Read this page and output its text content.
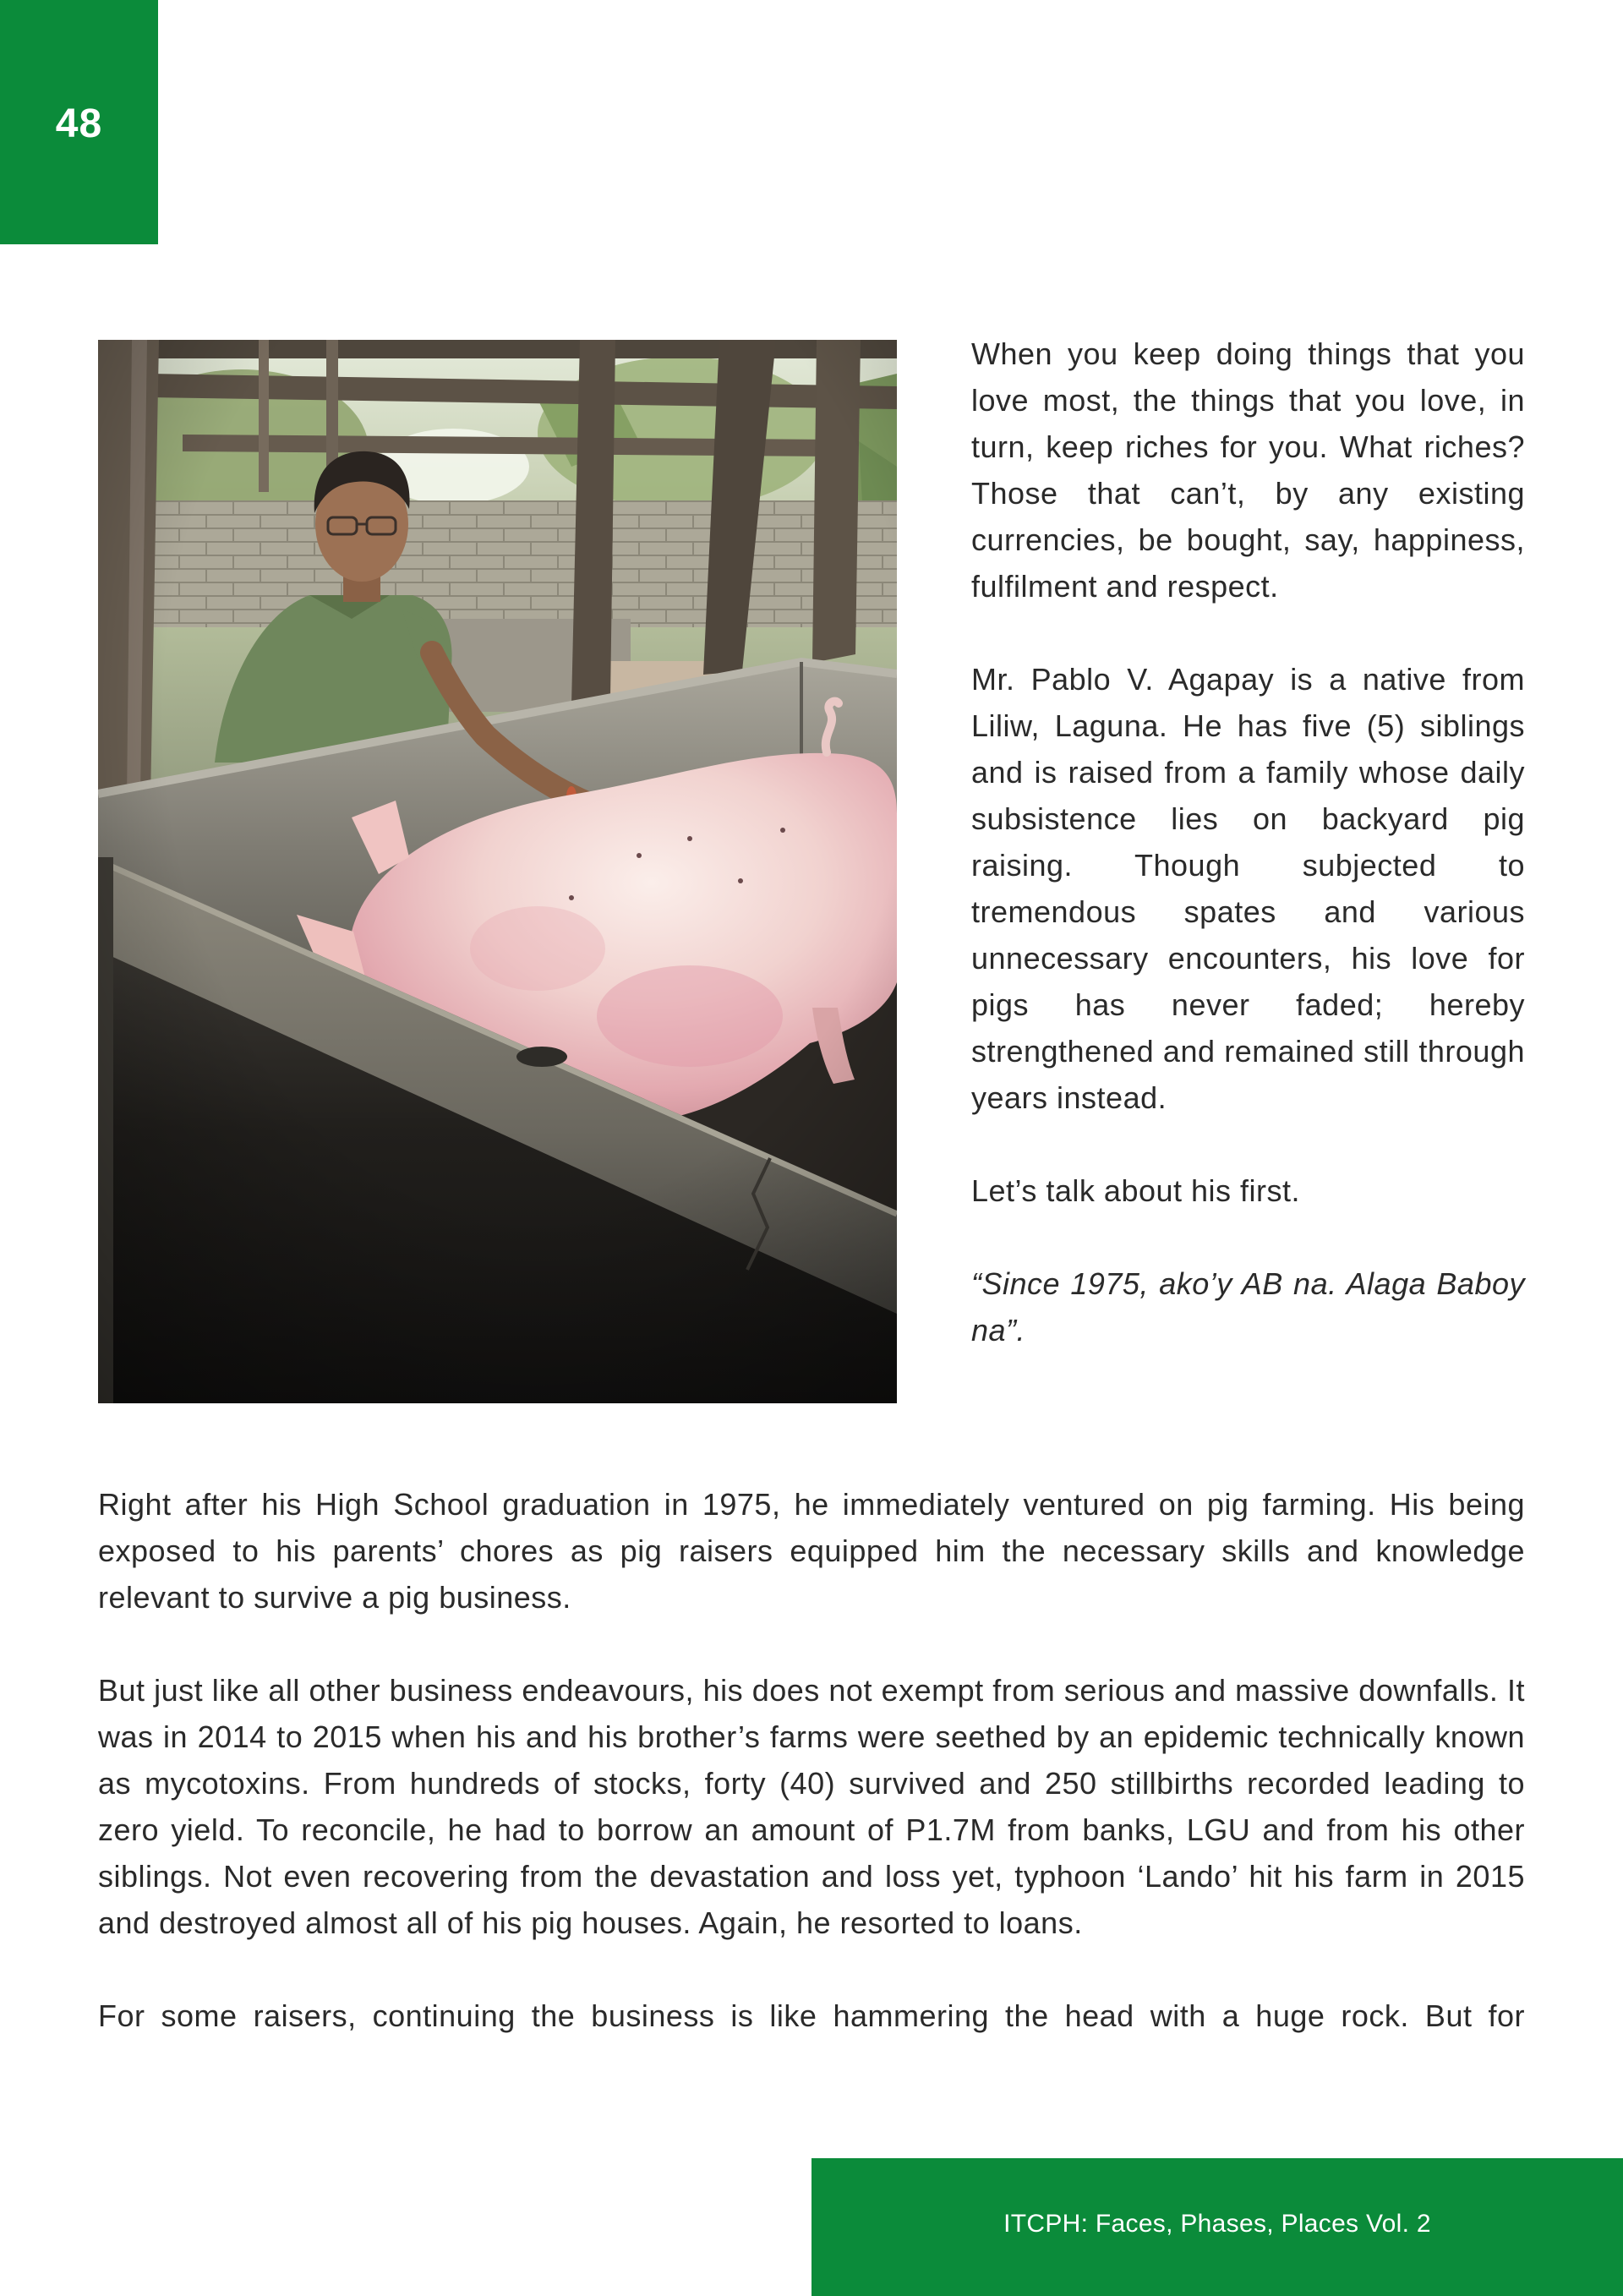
48

When you keep doing things that you love most, the things that you love, in turn, keep riches for you. What riches? Those that can’t, by any existing currencies, be bought, say, happiness, fulfilment and respect.

Mr. Pablo V. Agapay is a native from Liliw, Laguna. He has five (5) siblings and is raised from a family whose daily subsistence lies on backyard pig raising. Though subjected to tremendous spates and various unnecessary encounters, his love for pigs has never faded; hereby strengthened and remained still through years instead.

Let’s talk about his first.

“Since 1975, ako’y AB na. Alaga Baboy na”.

Right after his High School graduation in 1975, he immediately ventured on pig farming. His being exposed to his parents’ chores as pig raisers equipped him the necessary skills and knowledge relevant to survive a pig business.

But just like all other business endeavours, his does not exempt from serious and massive downfalls. It was in 2014 to 2015 when his and his brother’s farms were seethed by an epidemic technically known as mycotoxins. From hundreds of stocks, forty (40) survived and 250 stillbirths recorded leading to zero yield. To reconcile, he had to borrow an amount of P1.7M from banks, LGU and from his other siblings. Not even recovering from the devastation and loss yet, typhoon ‘Lando’ hit his farm in 2015 and destroyed almost all of his pig houses. Again, he resorted to loans.

For some raisers, continuing the business is like hammering the head with a huge rock. But for

ITCPH: Faces, Phases, Places Vol. 2
